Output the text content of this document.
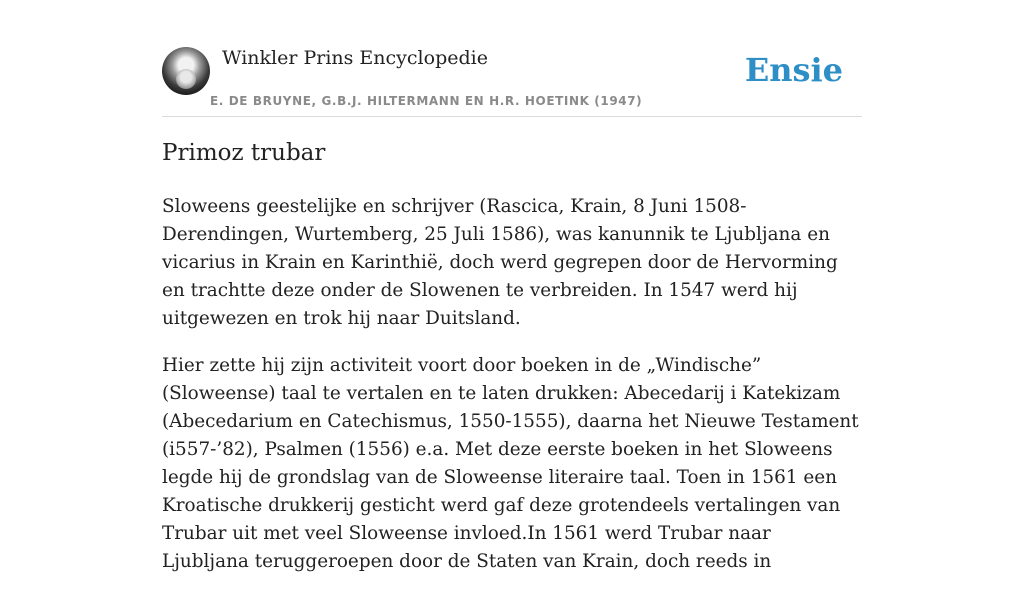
Winkler Prins Encyclopedie
E. DE BRUYNE, G.B.J. HILTERMANN EN H.R. HOETINK (1947)
Ensie
Primoz trubar

Sloweens geestelijke en schrijver (Rascica, Krain, 8 Juni 1508-Derendingen, Wurtemberg, 25 Juli 1586), was kanunnik te Ljubljana en vicarius in Krain en Karinthië, doch werd gegrepen door de Hervorming en trachtte deze onder de Slowenen te verbreiden. In 1547 werd hij uitgewezen en trok hij naar Duitsland.

Hier zette hij zijn activiteit voort door boeken in de „Windische” (Sloweense) taal te vertalen en te laten drukken: Abecedarij i Katekizam (Abecedarium en Catechismus, 1550-1555), daarna het Nieuwe Testament (i557-’82), Psalmen (1556) e.a. Met deze eerste boeken in het Sloweens legde hij de grondslag van de Sloweense literaire taal. Toen in 1561 een Kroatische drukkerij gesticht werd gaf deze grotendeels vertalingen van Trubar uit met veel Sloweense invloed.In 1561 werd Trubar naar Ljubljana teruggeroepen door de Staten van Krain, doch reeds in
